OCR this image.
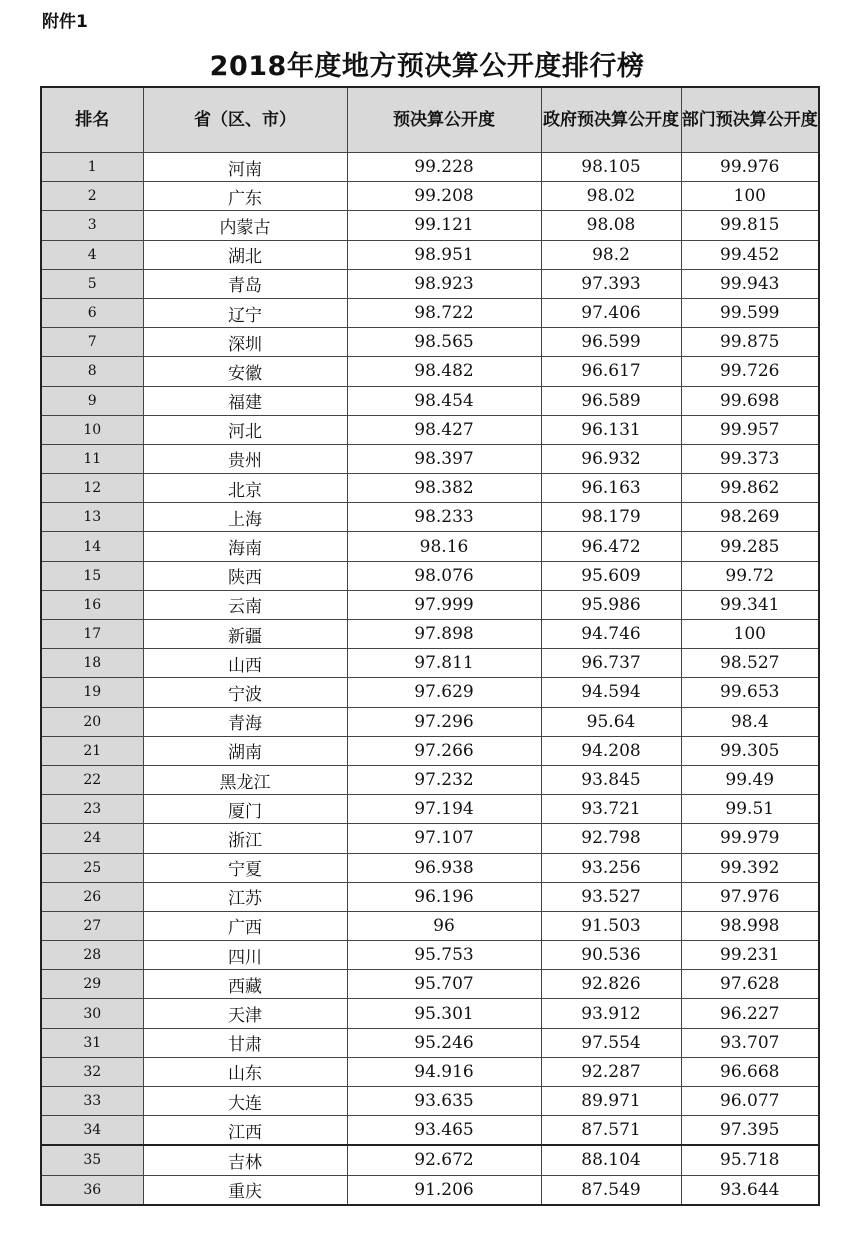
附件1
2018年度地方预决算公开度排行榜
排名	省（区、市）	预决算公开度	政府预决算公开度	部门预决算公开度
1	河南	99.228	98.105	99.976
2	广东	99.208	98.02	100
3	内蒙古	99.121	98.08	99.815
4	湖北	98.951	98.2	99.452
5	青岛	98.923	97.393	99.943
6	辽宁	98.722	97.406	99.599
7	深圳	98.565	96.599	99.875
8	安徽	98.482	96.617	99.726
9	福建	98.454	96.589	99.698
10	河北	98.427	96.131	99.957
11	贵州	98.397	96.932	99.373
12	北京	98.382	96.163	99.862
13	上海	98.233	98.179	98.269
14	海南	98.16	96.472	99.285
15	陕西	98.076	95.609	99.72
16	云南	97.999	95.986	99.341
17	新疆	97.898	94.746	100
18	山西	97.811	96.737	98.527
19	宁波	97.629	94.594	99.653
20	青海	97.296	95.64	98.4
21	湖南	97.266	94.208	99.305
22	黑龙江	97.232	93.845	99.49
23	厦门	97.194	93.721	99.51
24	浙江	97.107	92.798	99.979
25	宁夏	96.938	93.256	99.392
26	江苏	96.196	93.527	97.976
27	广西	96	91.503	98.998
28	四川	95.753	90.536	99.231
29	西藏	95.707	92.826	97.628
30	天津	95.301	93.912	96.227
31	甘肃	95.246	97.554	93.707
32	山东	94.916	92.287	96.668
33	大连	93.635	89.971	96.077
34	江西	93.465	87.571	97.395
35	吉林	92.672	88.104	95.718
36	重庆	91.206	87.549	93.644
